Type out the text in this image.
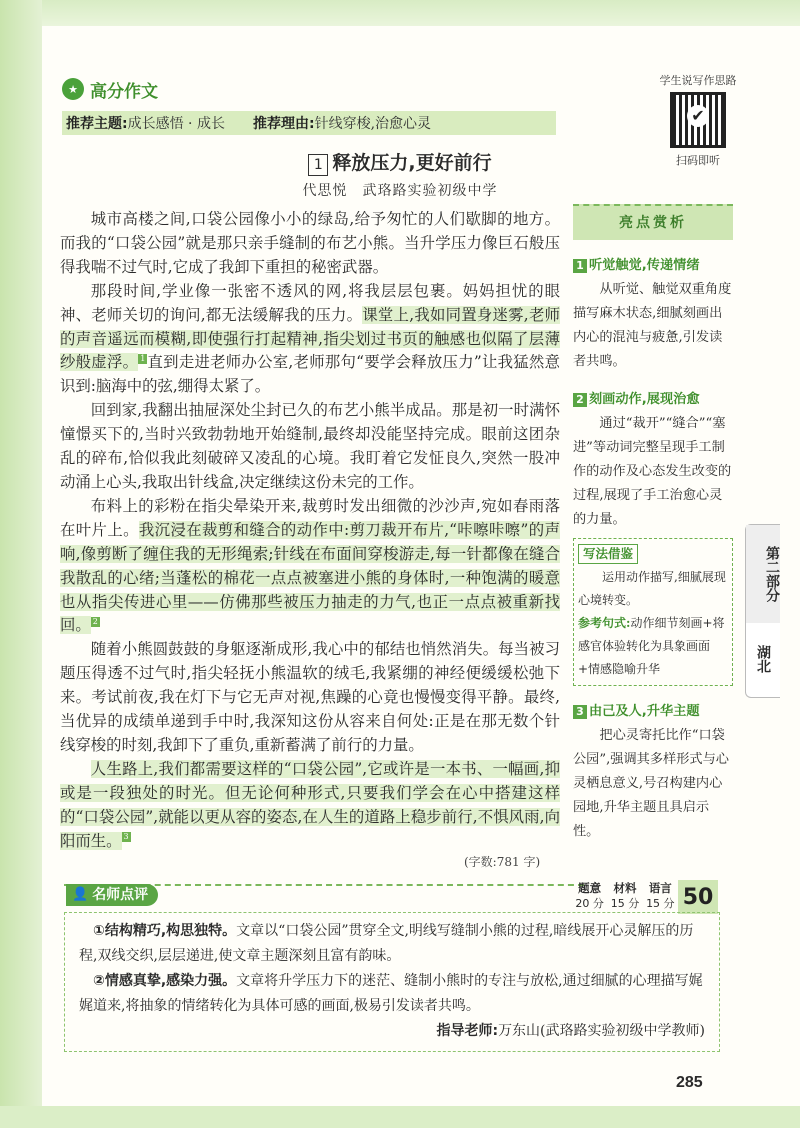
★ 高分作文
推荐主题: 成长感悟 · 成长 推荐理由: 针线穿梭,治愈心灵
学生说写作思路
✔
扫码即听
1 释放压力,更好前行
代思悦　武珞路实验初级中学

城市高楼之间,口袋公园像小小的绿岛,给予匆忙的人们歇脚的地方。而我的“口袋公园”就是那只亲手缝制的布艺小熊。当升学压力像巨石般压得我喘不过气时,它成了我卸下重担的秘密武器。

那段时间,学业像一张密不透风的网,将我层层包裹。妈妈担忧的眼神、老师关切的询问,都无法缓解我的压力。课堂上,我如同置身迷雾,老师的声音遥远而模糊,即使强行打起精神,指尖划过书页的触感也似隔了层薄纱般虚浮。 1 直到走进老师办公室,老师那句“要学会释放压力”让我猛然意识到:脑海中的弦,绷得太紧了。

回到家,我翻出抽屉深处尘封已久的布艺小熊半成品。那是初一时满怀憧憬买下的,当时兴致勃勃地开始缝制,最终却没能坚持完成。眼前这团杂乱的碎布,恰似我此刻破碎又凌乱的心境。我盯着它发怔良久,突然一股冲动涌上心头,我取出针线盒,决定继续这份未完的工作。

布料上的彩粉在指尖晕染开来,裁剪时发出细微的沙沙声,宛如春雨落在叶片上。我沉浸在裁剪和缝合的动作中:剪刀裁开布片,“咔嚓咔嚓”的声响,像剪断了缠住我的无形绳索;针线在布面间穿梭游走,每一针都像在缝合我散乱的心绪;当蓬松的棉花一点点被塞进小熊的身体时,一种饱满的暖意也从指尖传进心里——仿佛那些被压力抽走的力气,也正一点点被重新找回。 2

随着小熊圆鼓鼓的身躯逐渐成形,我心中的郁结也悄然消失。每当被习题压得透不过气时,指尖轻抚小熊温软的绒毛,我紧绷的神经便缓缓松弛下来。考试前夜,我在灯下与它无声对视,焦躁的心竟也慢慢变得平静。最终,当优异的成绩单递到手中时,我深知这份从容来自何处:正是在那无数个针线穿梭的时刻,我卸下了重负,重新蓄满了前行的力量。

人生路上,我们都需要这样的“口袋公园”,它或许是一本书、一幅画,抑或是一段独处的时光。但无论何种形式,只要我们学会在心中搭建这样的“口袋公园”,就能以更从容的姿态,在人生的道路上稳步前行,不惧风雨,向阳而生。 3

(字数:781 字)
亮点赏析
1 听觉触觉,传递情绪

从听觉、触觉双重角度描写麻木状态,细腻刻画出内心的混沌与疲惫,引发读者共鸣。

2 刻画动作,展现治愈

通过“裁开”“缝合”“塞进”等动词完整呈现手工制作的动作及心态发生改变的过程,展现了手工治愈心灵的力量。

写法借鉴

运用动作描写,细腻展现心境转变。

参考句式:动作细节刻画+将感官体验转化为具象画面+情感隐喻升华
3 由己及人,升华主题

把心灵寄托比作“口袋公园”,强调其多样形式与心灵栖息意义,号召构建内心园地,升华主题且具启示性。

第二部分
湖北
👤 名师点评	题意
20 分
材料
15 分
语言
15 分 50

①结构精巧,构思独特。文章以“口袋公园”贯穿全文,明线写缝制小熊的过程,暗线展开心灵解压的历程,双线交织,层层递进,使文章主题深刻且富有韵味。

②情感真挚,感染力强。文章将升学压力下的迷茫、缝制小熊时的专注与放松,通过细腻的心理描写娓娓道来,将抽象的情绪转化为具体可感的画面,极易引发读者共鸣。

指导老师:万东山(武珞路实验初级中学教师)
285
